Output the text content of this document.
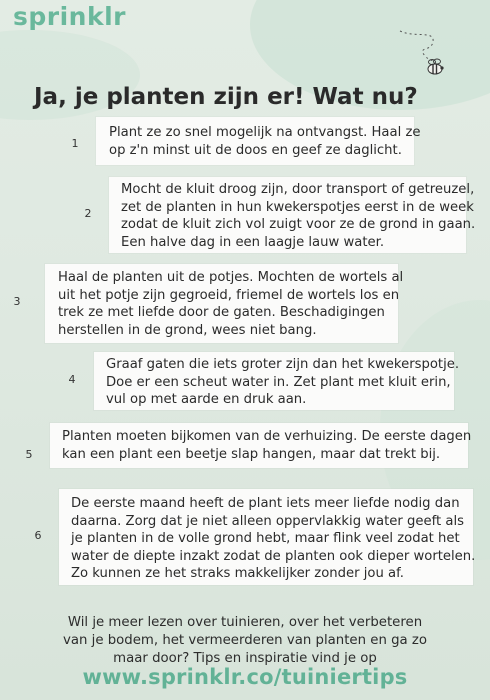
sprinklr
Ja, je planten zijn er! Wat nu?
1
Plant ze zo snel mogelijk na ontvangst. Haal ze
op z'n minst uit de doos en geef ze daglicht.
2
Mocht de kluit droog zijn, door transport of getreuzel,
zet de planten in hun kwekerspotjes eerst in de week
zodat de kluit zich vol zuigt voor ze de grond in gaan.
Een halve dag in een laagje lauw water.
3
Haal de planten uit de potjes. Mochten de wortels al
uit het potje zijn gegroeid, friemel de wortels los en
trek ze met liefde door de gaten. Beschadigingen
herstellen in de grond, wees niet bang.
4
Graaf gaten die iets groter zijn dan het kwekerspotje.
Doe er een scheut water in. Zet plant met kluit erin,
vul op met aarde en druk aan.
5
Planten moeten bijkomen van de verhuizing. De eerste dagen
kan een plant een beetje slap hangen, maar dat trekt bij.
6
De eerste maand heeft de plant iets meer liefde nodig dan
daarna. Zorg dat je niet alleen oppervlakkig water geeft als
je planten in de volle grond hebt, maar flink veel zodat het
water de diepte inzakt zodat de planten ook dieper wortelen.
Zo kunnen ze het straks makkelijker zonder jou af.
Wil je meer lezen over tuinieren, over het verbeteren
van je bodem, het vermeerderen van planten en ga zo
maar door? Tips en inspiratie vind je op
www.sprinklr.co/tuiniertips
